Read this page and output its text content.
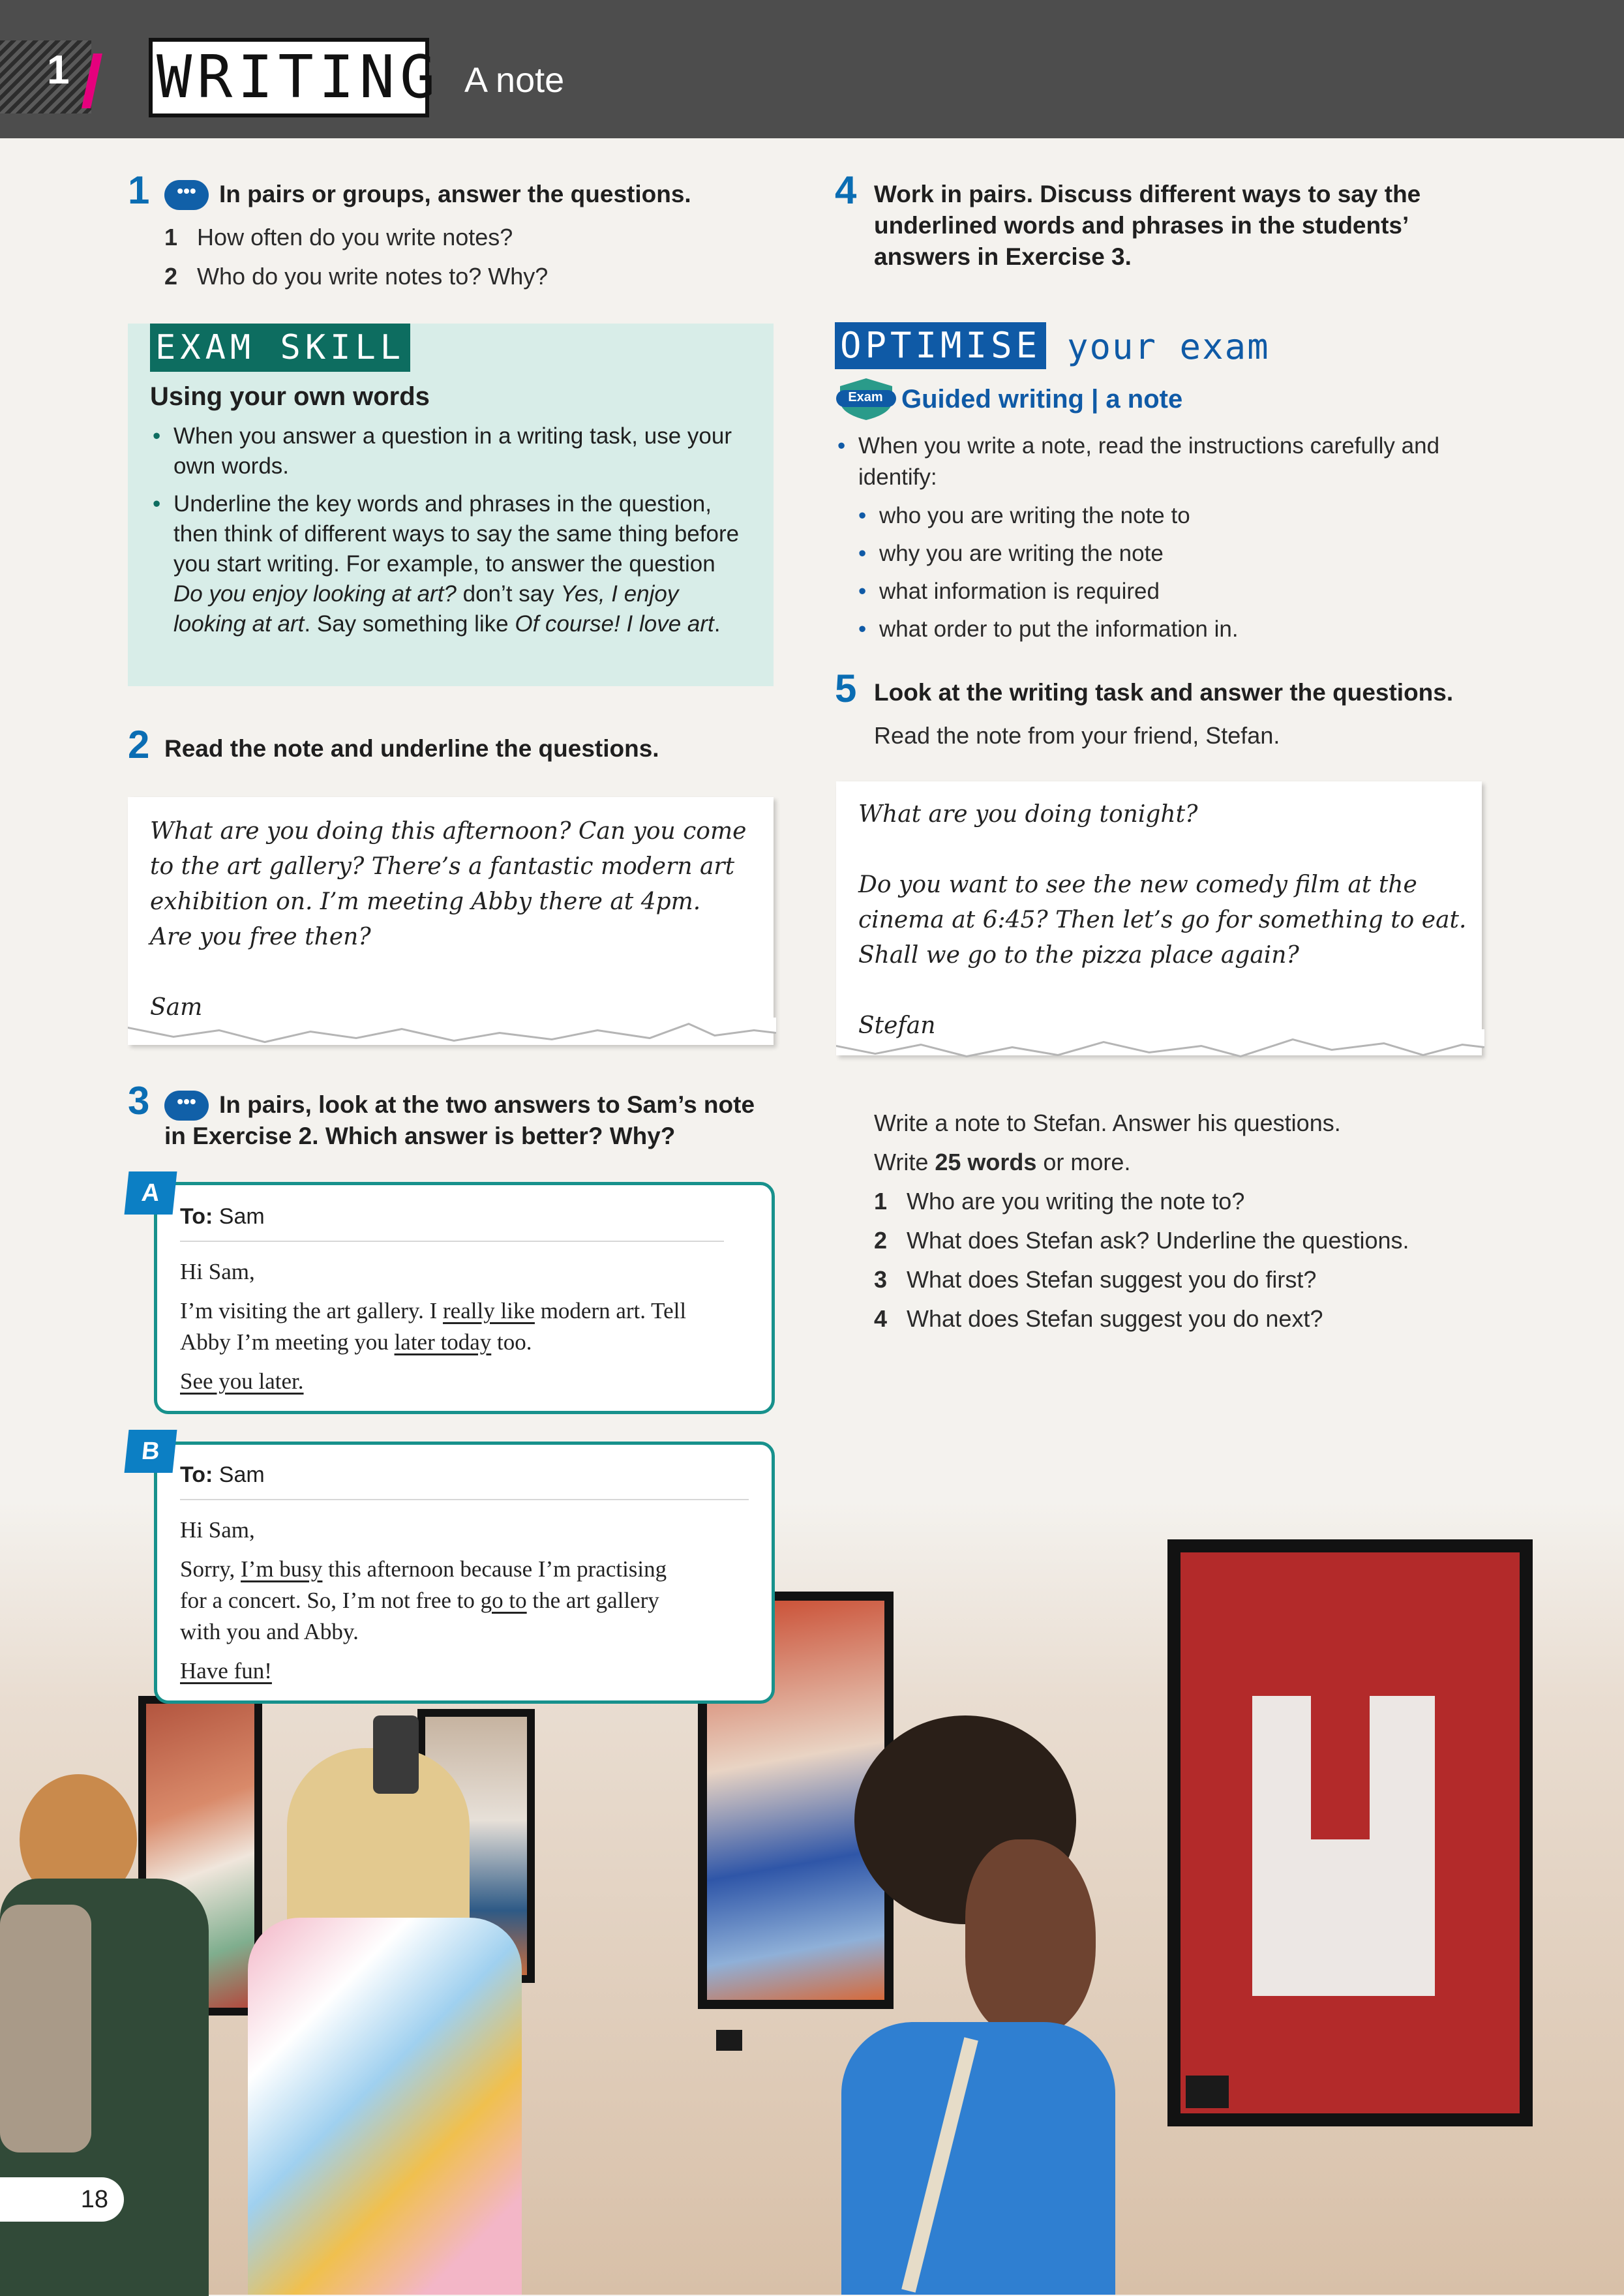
1 WRITING A note
1	••• In pairs or groups, answer the questions.
1 How often do you write notes?
2 Who do you write notes to? Why?
EXAM SKILL
Using your own words
• When you answer a question in a writing task, use your own words.
• Underline the key words and phrases in the question, then think of different ways to say the same thing before you start writing. For example, to answer the question Do you enjoy looking at art? don’t say Yes, I enjoy looking at art. Say something like Of course! I love art.
2 Read the note and underline the questions.
What are you doing this afternoon? Can you come
to the art gallery? There’s a fantastic modern art
exhibition on. I’m meeting Abby there at 4pm.
Are you free then?
Sam
3	••• In pairs, look at the two answers to Sam’s note
in Exercise 2. Which answer is better? Why?
A
To: Sam
Hi Sam,
I’m visiting the art gallery. I really like modern art. Tell
Abby I’m meeting you later today too.
See you later.
B
To: Sam
Hi Sam,
Sorry, I’m busy this afternoon because I’m practising
for a concert. So, I’m not free to go to the art gallery
with you and Abby.
Have fun!
4 Work in pairs. Discuss different ways to say the
underlined words and phrases in the students’
answers in Exercise 3.
OPTIMISE your exam
Exam Guided writing | a note
• When you write a note, read the instructions carefully and identify:
• who you are writing the note to
• why you are writing the note
• what information is required
• what order to put the information in.
5 Look at the writing task and answer the questions.
Read the note from your friend, Stefan.
What are you doing tonight?
Do you want to see the new comedy film at the
cinema at 6:45? Then let’s go for something to eat.
Shall we go to the pizza place again?
Stefan
Write a note to Stefan. Answer his questions.
Write 25 words or more.
1 Who are you writing the note to?
2 What does Stefan ask? Underline the questions.
3 What does Stefan suggest you do first?
4 What does Stefan suggest you do next?
18
